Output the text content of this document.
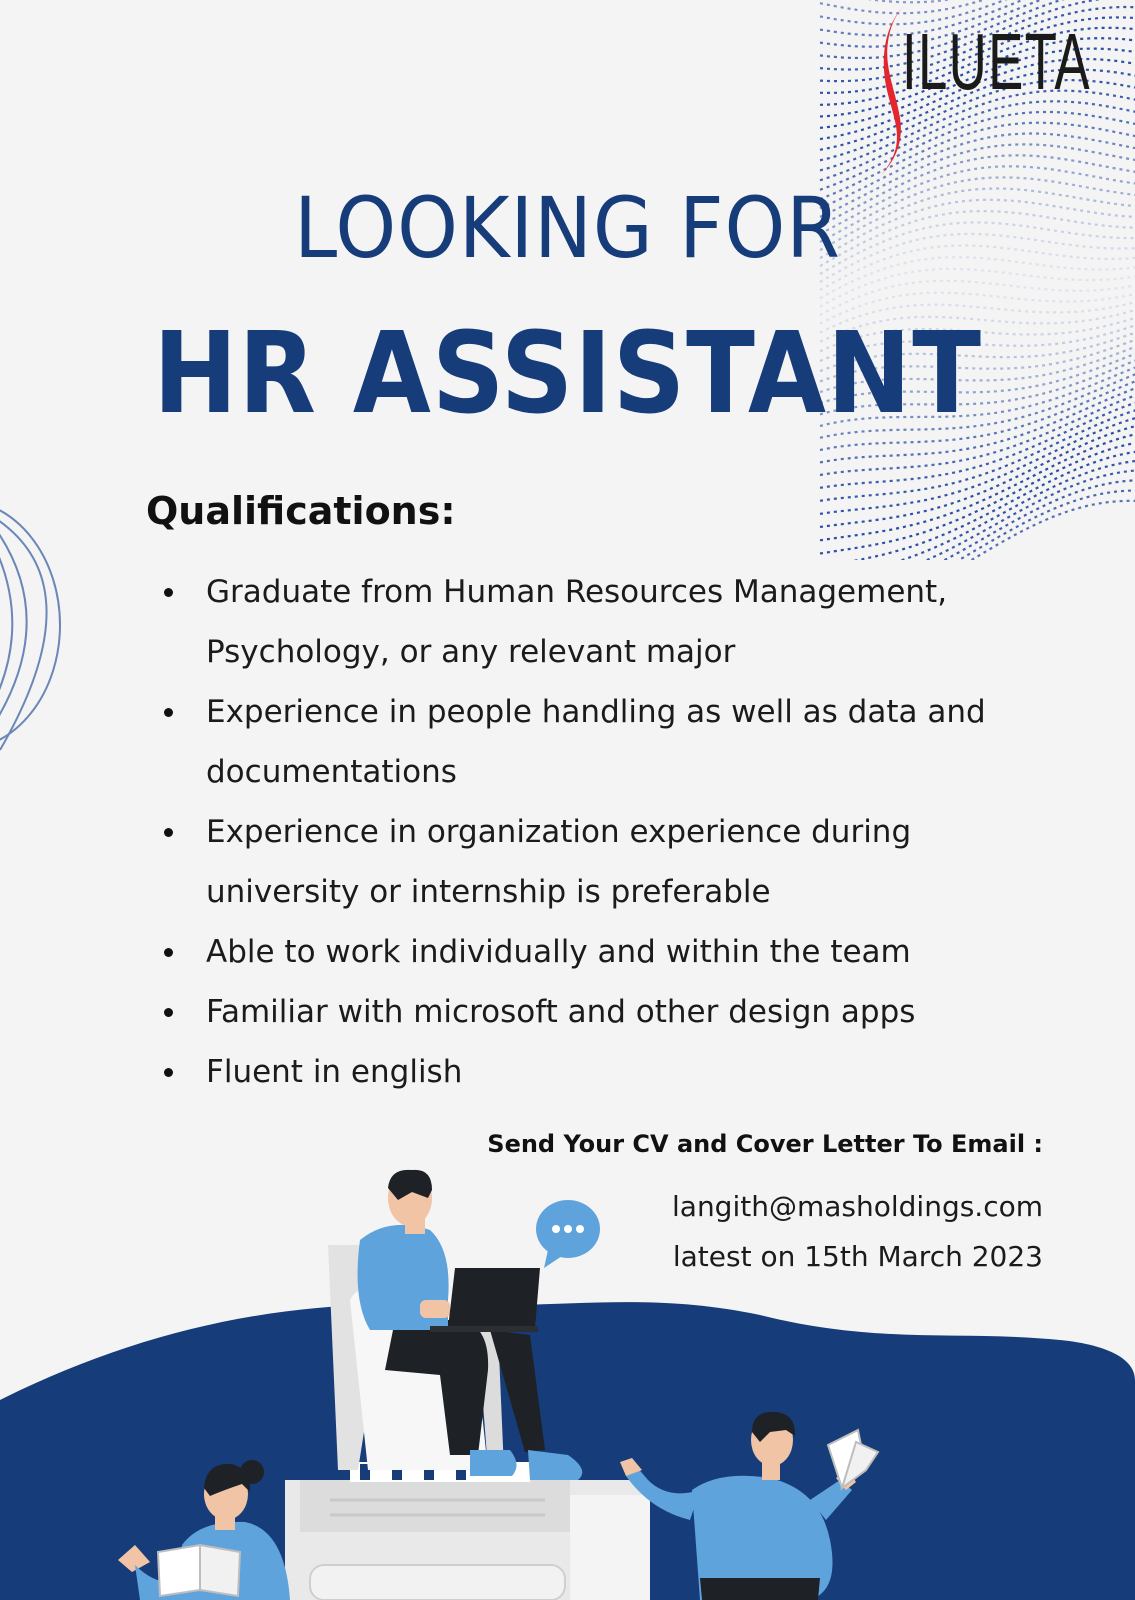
ILUETA
LOOKING FOR
HR ASSISTANT
Qualifications:
Graduate from Human Resources Management, Psychology, or any relevant major
Experience in people handling as well as data and documentations
Experience in organization experience during university or internship is preferable
Able to work individually and within the team
Familiar with microsoft and other design apps
Fluent in english
Send Your CV and Cover Letter To Email :
langith@masholdings.com
latest on 15th March 2023
